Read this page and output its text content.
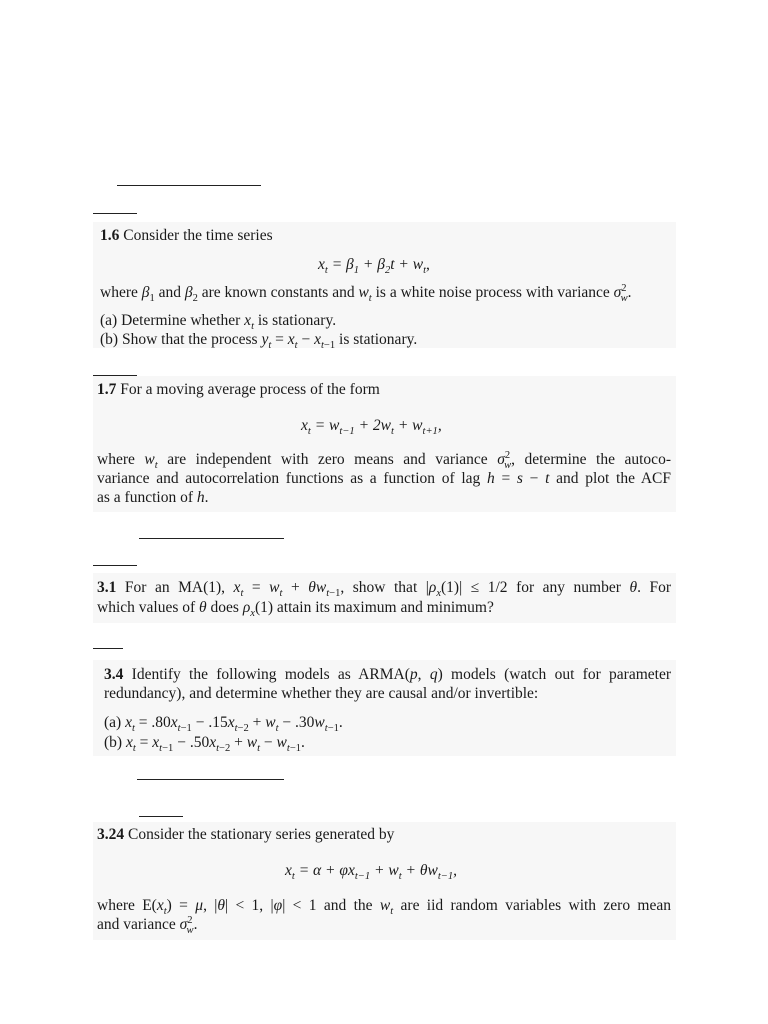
1.6 Consider the time series
$x_t = \beta_1 + \beta_2t + w_t$,
where $\beta_1$ and $\beta_2$ are known constants and $w_t$ is a white noise process with variance $\sigma^2_w$.
(a) Determine whether $x_t$ is stationary.
(b) Show that the process $y_t = x_t - x_{t-1}$ is stationary.
1.7 For a moving average process of the form
$x_t = w_{t-1} + 2w_t + w_{t+1}$,
where $w_t$ are independent with zero means and variance $\sigma^2_w$, determine the autoco-
variance and autocorrelation functions as a function of lag h = s − t and plot the ACF
as a function of h.
3.1 For an MA(1), $x_t = w_t + \theta w_{t-1}$, show that $|\rho_x(1)| \le 1/2$ for any number θ. For
which values of θ does $\rho_x(1)$ attain its maximum and minimum?
3.4 Identify the following models as ARMA(p, q) models (watch out for parameter
redundancy), and determine whether they are causal and/or invertible:
(a) $x_t = .80x_{t-1} - .15x_{t-2} + w_t - .30w_{t-1}$.
(b) $x_t = x_{t-1} - .50x_{t-2} + w_t - w_{t-1}$.
3.24 Consider the stationary series generated by
$x_t = \alpha + \varphi x_{t-1} + w_t + \theta w_{t-1}$,
where $E(x_t) = \mu$, |θ| < 1, |φ| < 1 and the $w_t$ are iid random variables with zero mean
and variance $\sigma^2_w$.
